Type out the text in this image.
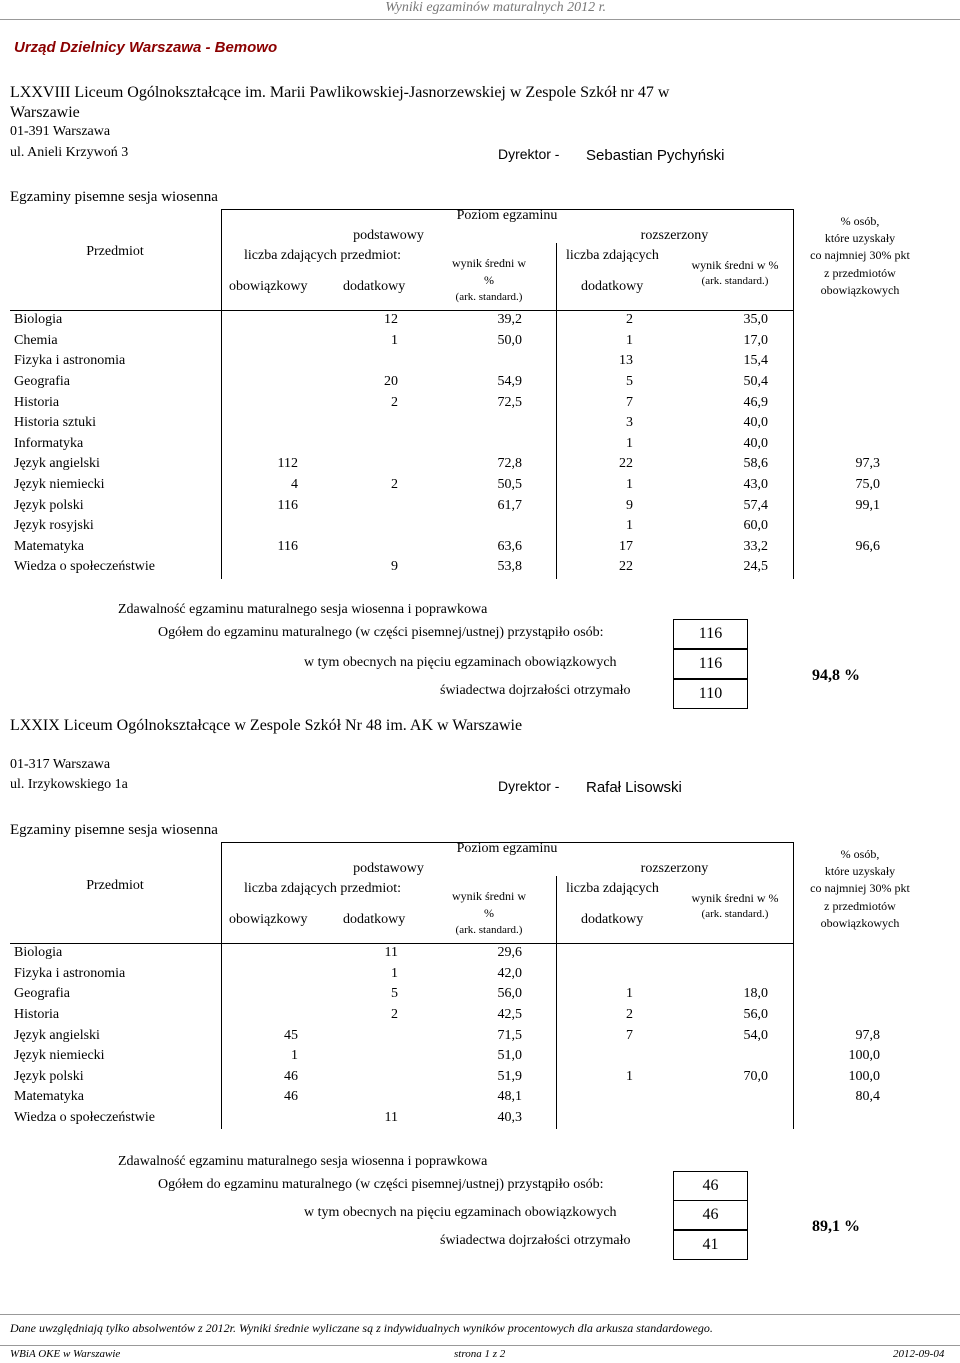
Wyniki egzaminów maturalnych 2012 r.
Urząd Dzielnicy Warszawa - Bemowo
LXXVIII Liceum Ogólnokształcące im. Marii Pawlikowskiej-Jasnorzewskiej w Zespole Szkół nr 47 w
Warszawie
01-391 Warszawa
ul. Anieli Krzywoń 3	Dyrektor - Sebastian Pychyński
Egzaminy pisemne sesja wiosenna
Przedmiot
Poziom egzaminu
podstawowy	rozszerzony
liczba zdających przedmiot:	liczba zdających
obowiązkowy	dodatkowy	dodatkowy
wynik średni w
%
(ark. standard.)
wynik średni w %
(ark. standard.)
% osób,
które uzyskały
co najmniej 30% pkt
z przedmiotów
obowiązkowych
Biologia		12	39,2	2	35,0	
Chemia		1	50,0	1	17,0	
Fizyka i astronomia				13	15,4	
Geografia		20	54,9	5	50,4	
Historia		2	72,5	7	46,9	
Historia sztuki				3	40,0	
Informatyka				1	40,0	
Język angielski	112		72,8	22	58,6	97,3
Język niemiecki	4	2	50,5	1	43,0	75,0
Język polski	116		61,7	9	57,4	99,1
Język rosyjski				1	60,0	
Matematyka	116		63,6	17	33,2	96,6
Wiedza o społeczeństwie		9	53,8	22	24,5	
Zdawalność egzaminu maturalnego sesja wiosenna i poprawkowa
Ogółem do egzaminu maturalnego (w części pisemnej/ustnej) przystąpiło osób:
w tym obecnych na pięciu egzaminach obowiązkowych
świadectwa dojrzałości otrzymało
116
116
110
94,8 %
LXXIX Liceum Ogólnokształcące w Zespole Szkół Nr 48 im. AK w Warszawie
01-317 Warszawa
ul. Irzykowskiego 1a	Dyrektor - Rafał Lisowski
Egzaminy pisemne sesja wiosenna
Przedmiot
Poziom egzaminu
podstawowy	rozszerzony
liczba zdających przedmiot:	liczba zdających
obowiązkowy	dodatkowy	dodatkowy
wynik średni w
%
(ark. standard.)
wynik średni w %
(ark. standard.)
% osób,
które uzyskały
co najmniej 30% pkt
z przedmiotów
obowiązkowych
Biologia		11	29,6			
Fizyka i astronomia		1	42,0			
Geografia		5	56,0	1	18,0	
Historia		2	42,5	2	56,0	
Język angielski	45		71,5	7	54,0	97,8
Język niemiecki	1		51,0			100,0
Język polski	46		51,9	1	70,0	100,0
Matematyka	46		48,1			80,4
Wiedza o społeczeństwie		11	40,3			
Zdawalność egzaminu maturalnego sesja wiosenna i poprawkowa
Ogółem do egzaminu maturalnego (w części pisemnej/ustnej) przystąpiło osób:
w tym obecnych na pięciu egzaminach obowiązkowych
świadectwa dojrzałości otrzymało
46
46
41
89,1 %
Dane uwzględniają tylko absolwentów z 2012r. Wyniki średnie wyliczane są z indywidualnych wyników procentowych dla arkusza standardowego.
WBiA OKE w Warszawie	strona 1 z 2	2012-09-04
